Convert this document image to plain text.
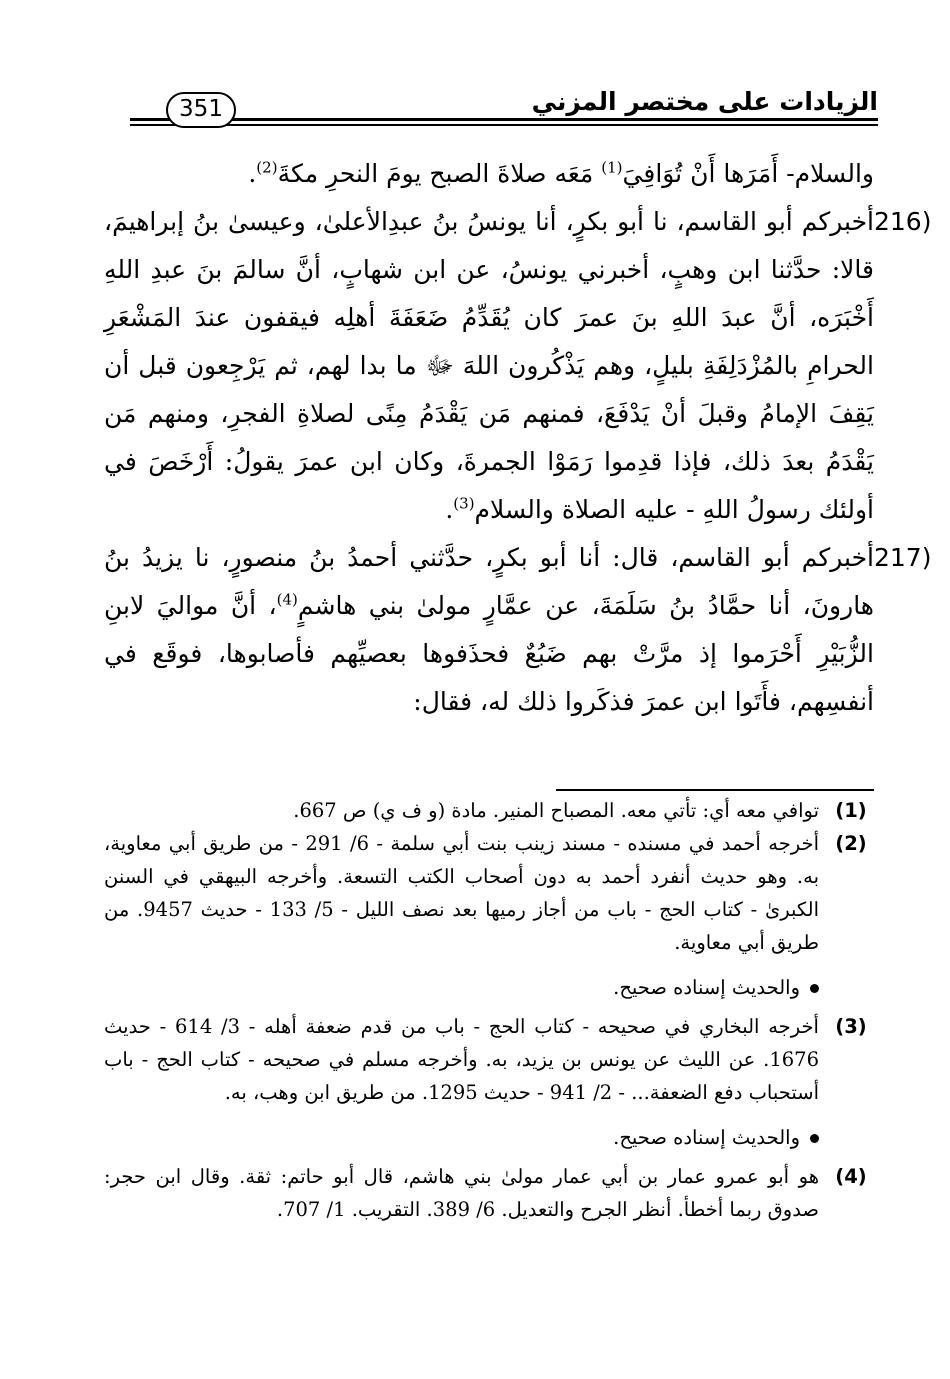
الزيادات على مختصر المزني
351

والسلام- أَمَرَها أَنْ تُوَافِيَ$^{(1)}$ مَعَه صلاةَ الصبح يومَ النحرِ مكةَ$^{(2)}$.

216)
أخبركم أبو القاسم، نا أبو بكرٍ، أنا يونسُ بنُ عبدِالأعلىٰ، وعيسىٰ بنُ إبراهيمَ، قالا: حدَّثنا ابن وهبٍ، أخبرني يونسُ، عن ابن شهابٍ، أنَّ سالمَ بنَ عبدِ اللهِ أَخْبَرَه، أنَّ عبدَ اللهِ بنَ عمرَ كان يُقَدِّمُ ضَعَفَةَ أهلِه فيقفون عندَ المَشْعَرِ الحرامِ بالمُزْدَلِفَةِ بليلٍ، وهم يَذْكُرون اللهَ ﷻ ما بدا لهم، ثم يَرْجِعون قبل أن يَقِفَ الإمامُ وقبلَ أنْ يَدْفَعَ، فمنهم مَن يَقْدَمُ مِنًى لصلاةِ الفجرِ، ومنهم مَن يَقْدَمُ بعدَ ذلك، فإذا قدِموا رَمَوْا الجمرةَ، وكان ابن عمرَ يقولُ: أَرْخَصَ في أولئك رسولُ اللهِ - عليه الصلاة والسلام$^{(3)}$.

217)
أخبركم أبو القاسم، قال: أنا أبو بكرٍ، حدَّثني أحمدُ بنُ منصورٍ، نا يزيدُ بنُ هارونَ، أنا حمَّادُ بنُ سَلَمَةَ، عن عمَّارٍ مولىٰ بني هاشمٍ$^{(4)}$، أنَّ مواليَ لابنِ الزُّبَيْرِ أَحْرَموا إذ مرَّتْ بهم ضَبُعٌ فحذَفوها بعصيِّهم فأصابوها، فوقَع في أنفسِهم، فأَتَوا ابن عمرَ فذكَروا ذلك له، فقال:

(1)
توافي معه أي: تأتي معه. المصباح المنير. مادة (و ف ي) ص 667.

(2)
أخرجه أحمد في مسنده - مسند زينب بنت أبي سلمة - 6/ 291 - من طريق أبي معاوية، به. وهو حديث أنفرد أحمد به دون أصحاب الكتب التسعة. وأخرجه البيهقي في السنن الكبرىٰ - كتاب الحج - باب من أجاز رميها بعد نصف الليل - 5/ 133 - حديث 9457. من طريق أبي معاوية.

والحديث إسناده صحيح.

(3)
أخرجه البخاري في صحيحه - كتاب الحج - باب من قدم ضعفة أهله - 3/ 614 - حديث 1676. عن الليث عن يونس بن يزيد، به. وأخرجه مسلم في صحيحه - كتاب الحج - باب أستحباب دفع الضعفة... - 2/ 941 - حديث 1295. من طريق ابن وهب، به.

والحديث إسناده صحيح.

(4)
هو أبو عمرو عمار بن أبي عمار مولىٰ بني هاشم، قال أبو حاتم: ثقة. وقال ابن حجر: صدوق ربما أخطأ. أنظر الجرح والتعديل. 6/ 389. التقريب. 1/ 707.
